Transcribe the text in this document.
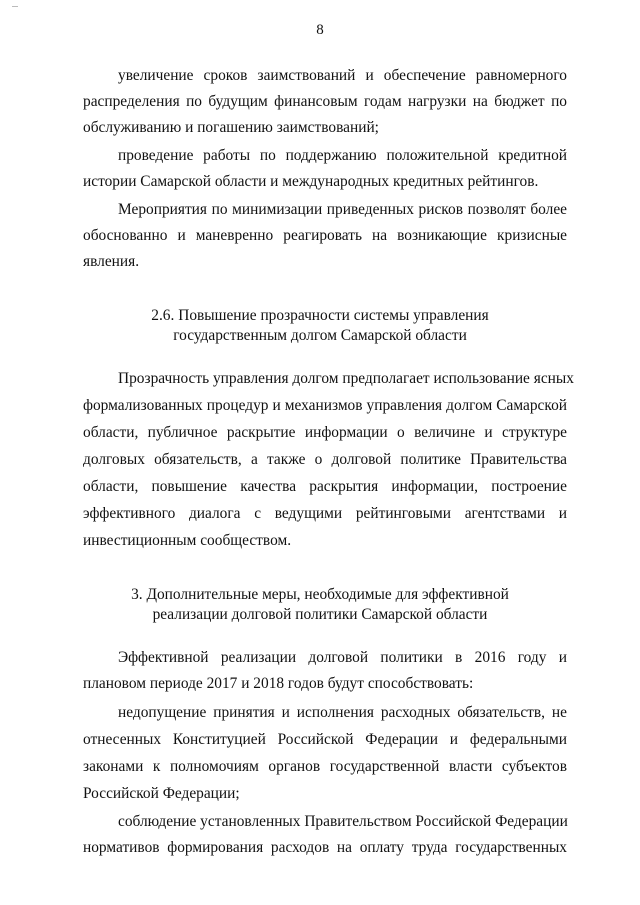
8
увеличение сроков заимствований и обеспечение равномерного
распределения по будущим финансовым годам нагрузки на бюджет по
обслуживанию и погашению заимствований;
проведение работы по поддержанию положительной кредитной
истории Самарской области и международных кредитных рейтингов.
Мероприятия по минимизации приведенных рисков позволят более
обоснованно и маневренно реагировать на возникающие кризисные
явления.
2.6. Повышение прозрачности системы управления
государственным долгом Самарской области
Прозрачность управления долгом предполагает использование ясных
формализованных процедур и механизмов управления долгом Самарской
области, публичное раскрытие информации о величине и структуре
долговых обязательств, а также о долговой политике Правительства
области, повышение качества раскрытия информации, построение
эффективного диалога с ведущими рейтинговыми агентствами и
инвестиционным сообществом.
3. Дополнительные меры, необходимые для эффективной
реализации долговой политики Самарской области
Эффективной реализации долговой политики в 2016 году и
плановом периоде 2017 и 2018 годов будут способствовать:
недопущение принятия и исполнения расходных обязательств, не
отнесенных Конституцией Российской Федерации и федеральными
законами к полномочиям органов государственной власти субъектов
Российской Федерации;
соблюдение установленных Правительством Российской Федерации
нормативов формирования расходов на оплату труда государственных
